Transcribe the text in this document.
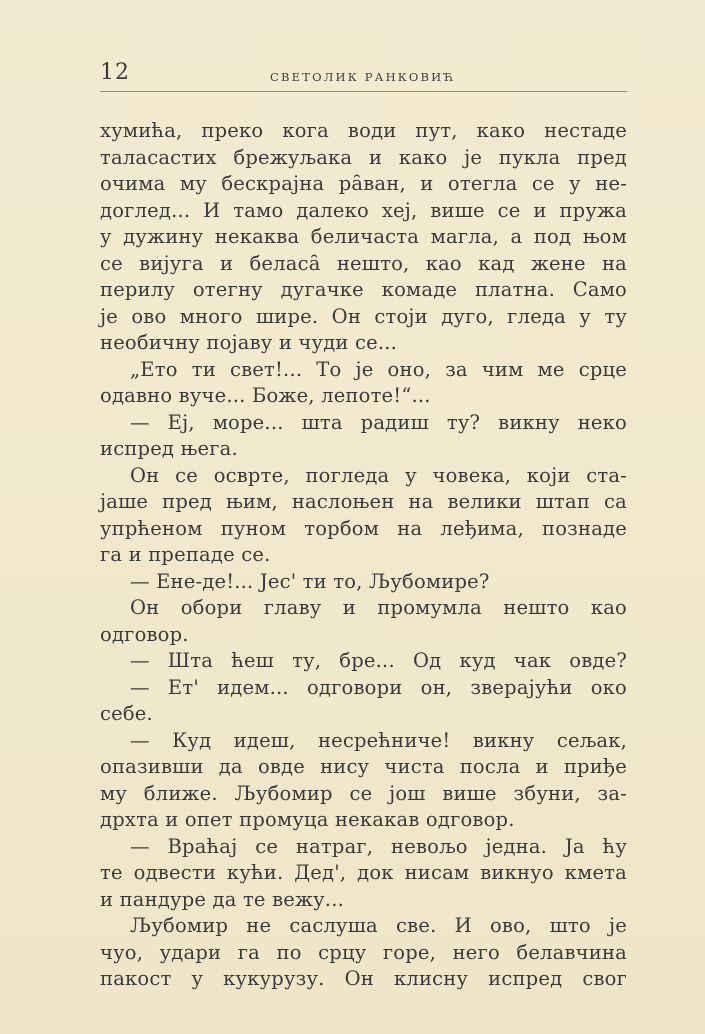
12	СВЕТОЛИК РАНКОВИЋ
хумића, преко кога води пут, како нестаде
таласастих брежуљака и како је пукла пред
очима му бескрајна ра̑ван, и отегла се у не-
доглед... И тамо далеко хеј, више се и пружа
у дужину некаква беличаста магла, а под њом
се вијуга и беласа̑ нешто, као кад жене на
перилу отегну дугачке комаде платна. Само
је ово много шире. Он стоји дуго, гледа у ту
необичну појаву и чуди се...
„Ето ти свет!... То је оно, за чим ме срце
одавно вуче... Боже, лепоте!“...
— Ej, море... шта радиш ту? викну неко
испред њега.
Он се осврте, погледа у човека, који ста-
јаше пред њим, наслоњен на велики штап са
упрћеном пуном торбом на леђима, познаде
га и препаде се.
— Ене-де!... Јес' ти то, Љубомире?
Он обори главу и промумла нешто као
одговор.
— Шта ћеш ту, бре... Од куд чак овде?
— Ет' идем... одговори он, зверајући око
себе.
— Куд идеш, несрећниче! викну сељак,
опазивши да овде нису чиста посла и приђе
му ближе. Љубомир се још више збуни, за-
дрхта и опет промуца некакав одговор.
— Враћај се натраг, невољо једна. Ја ћу
те одвести кући. Дед', док нисам викнуо кмета
и пандуре да те вежу...
Љубомир не саслуша све. И ово, што је
чуо, удари га по срцу горе, него белавчина
пакост у кукурузу. Он клисну испред свог
